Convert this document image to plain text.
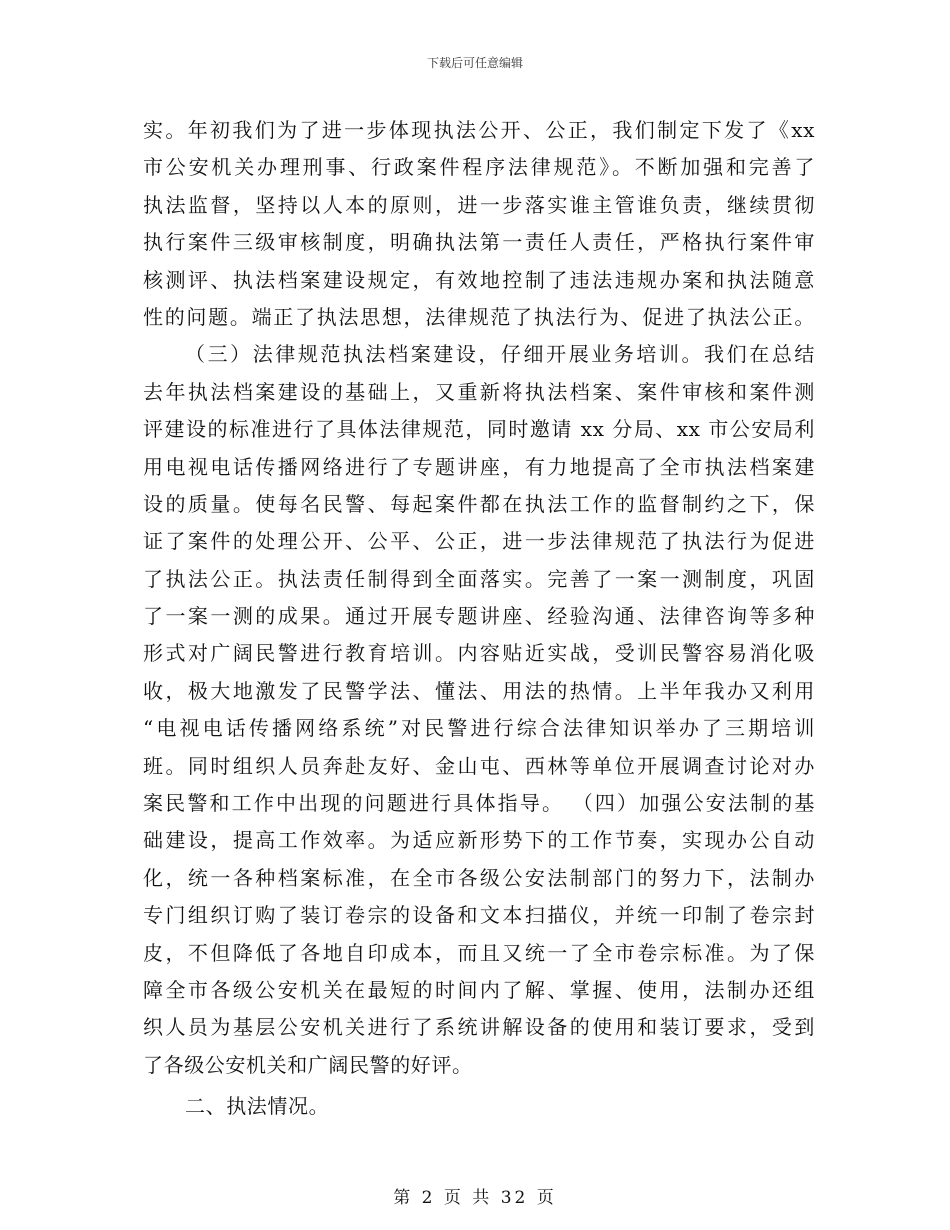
下载后可任意编辑
实。年初我们为了进一步体现执法公开、公正，我们制定下发了《xx
市公安机关办理刑事、行政案件程序法律规范》。不断加强和完善了
执法监督，坚持以人本的原则，进一步落实谁主管谁负责，继续贯彻
执行案件三级审核制度，明确执法第一责任人责任，严格执行案件审
核测评、执法档案建设规定，有效地控制了违法违规办案和执法随意
性的问题。端正了执法思想，法律规范了执法行为、促进了执法公正。
（三）法律规范执法档案建设，仔细开展业务培训。我们在总结
去年执法档案建设的基础上，又重新将执法档案、案件审核和案件测
评建设的标准进行了具体法律规范，同时邀请 xx 分局、xx 市公安局利
用电视电话传播网络进行了专题讲座，有力地提高了全市执法档案建
设的质量。使每名民警、每起案件都在执法工作的监督制约之下，保
证了案件的处理公开、公平、公正，进一步法律规范了执法行为促进
了执法公正。执法责任制得到全面落实。完善了一案一测制度，巩固
了一案一测的成果。通过开展专题讲座、经验沟通、法律咨询等多种
形式对广阔民警进行教育培训。内容贴近实战，受训民警容易消化吸
收，极大地激发了民警学法、懂法、用法的热情。上半年我办又利用
“电视电话传播网络系统”对民警进行综合法律知识举办了三期培训
班。同时组织人员奔赴友好、金山屯、西林等单位开展调查讨论对办
案民警和工作中出现的问题进行具体指导。 （四）加强公安法制的基
础建设，提高工作效率。为适应新形势下的工作节奏，实现办公自动
化，统一各种档案标准，在全市各级公安法制部门的努力下，法制办
专门组织订购了装订卷宗的设备和文本扫描仪，并统一印制了卷宗封
皮，不但降低了各地自印成本，而且又统一了全市卷宗标准。为了保
障全市各级公安机关在最短的时间内了解、掌握、使用，法制办还组
织人员为基层公安机关进行了系统讲解设备的使用和装订要求，受到
了各级公安机关和广阔民警的好评。
二、执法情况。
第 2 页 共 32 页
